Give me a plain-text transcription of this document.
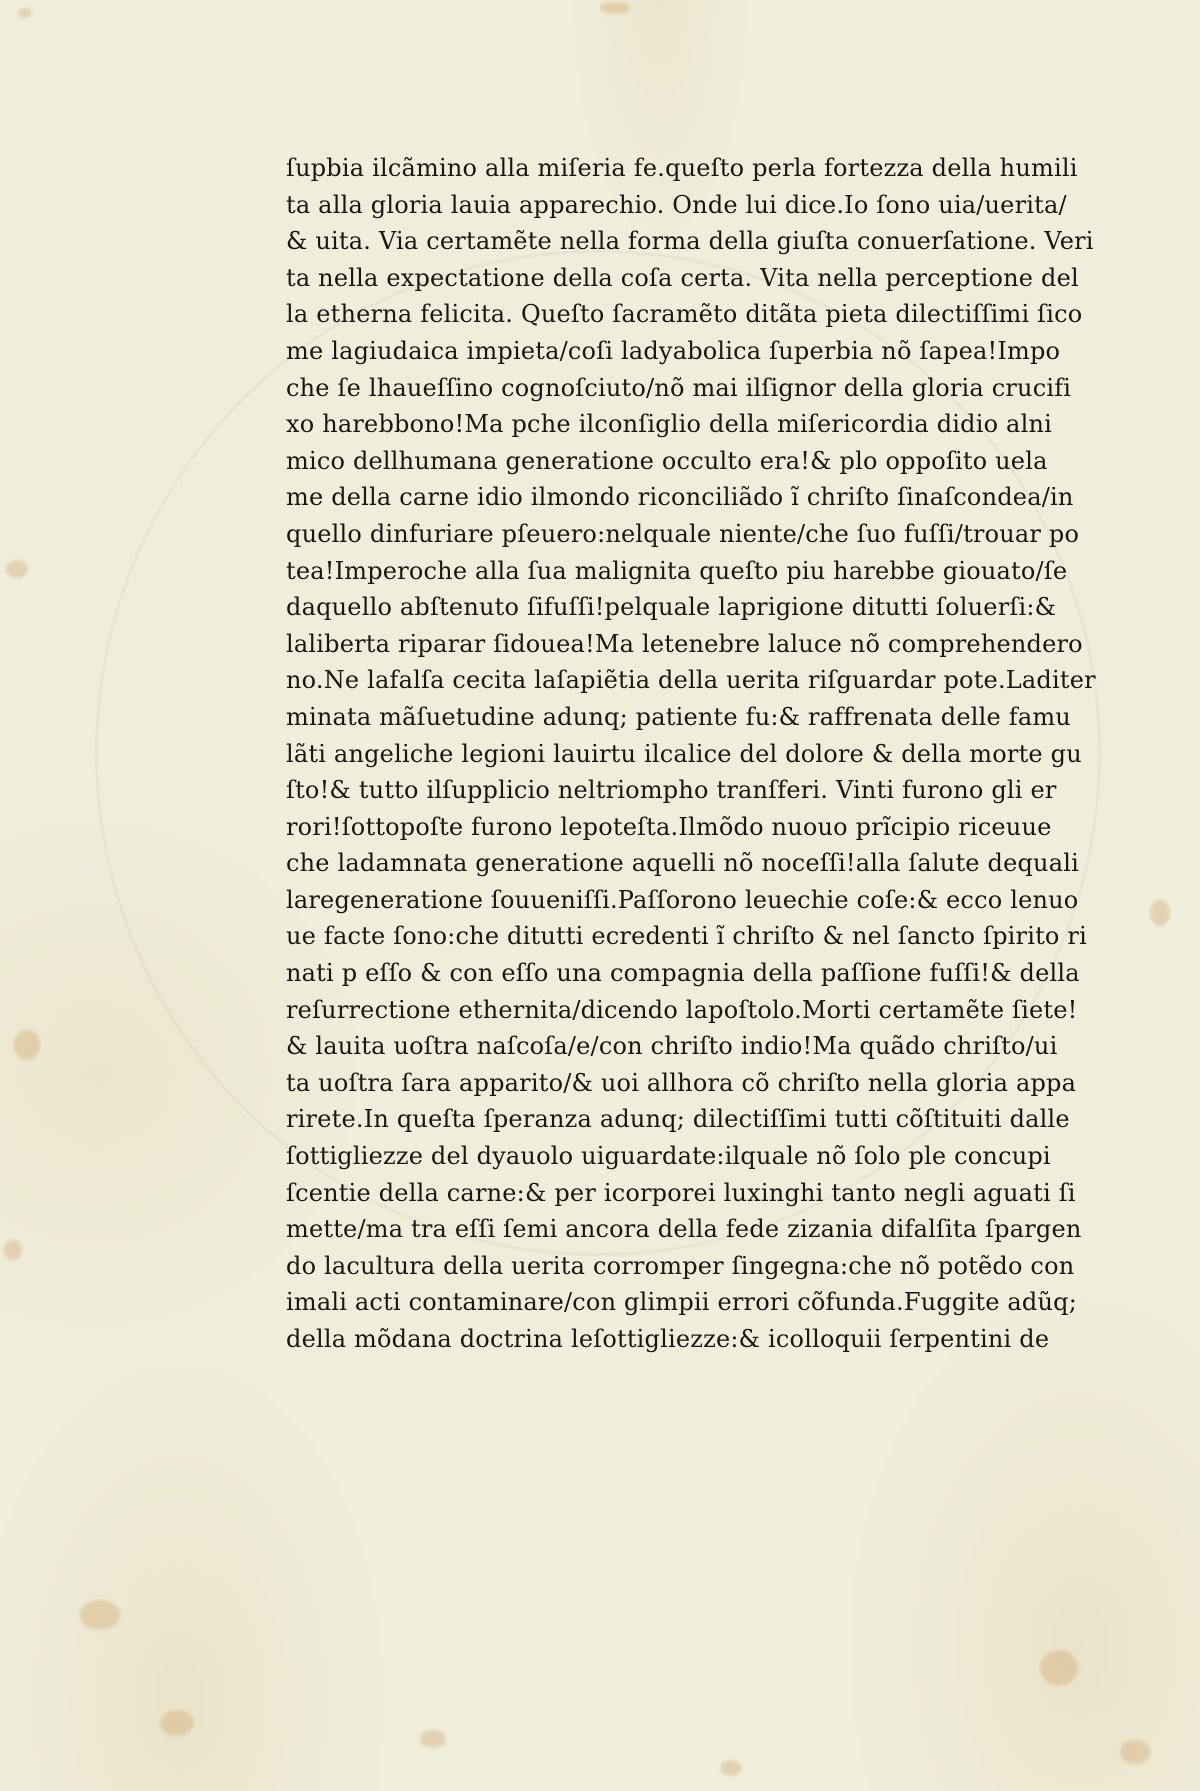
ſupbia ilcãmino alla miſeria fe.queſto perla fortezza della humili
ta alla gloria lauia apparechio. Onde lui dice.Io ſono uia/uerita/
& uita. Via certamẽte nella forma della giuſta conuerſatione. Veri
ta nella expectatione della coſa certa. Vita nella perceptione del
la etherna felicita. Queſto ſacramẽto ditãta pieta dilectiſſimi ſico
me lagiudaica impieta/coſi ladyabolica ſuperbia nõ ſapea!Impo
che ſe lhaueſſino cognoſciuto/nõ mai ilſignor della gloria crucifi
xo harebbono!Ma pche ilconſiglio della miſericordia didio alni
mico dellhumana generatione occulto era!& plo oppoſito uela
me della carne idio ilmondo riconciliãdo ĩ chriſto ſinaſcondea/in
quello dinfuriare pſeuero:nelquale niente/che ſuo fuſſi/trouar po
tea!Imperoche alla ſua malignita queſto piu harebbe giouato/ſe
daquello abſtenuto ſifuſſi!pelquale laprigione ditutti ſoluerſi:&
laliberta riparar ſidouea!Ma letenebre laluce nõ comprehendero
no.Ne lafalſa cecita laſapiẽtia della uerita riſguardar pote.Laditer
minata mãſuetudine adunq; patiente fu:& raffrenata delle famu
lãti angeliche legioni lauirtu ilcalice del dolore & della morte gu
ſto!& tutto ilſupplicio neltriompho tranſferi. Vinti furono gli er
rori!ſottopoſte furono lepoteſta.Ilmõdo nuouo prĩcipio riceuue
che ladamnata generatione aquelli nõ noceſſi!alla ſalute dequali
laregeneratione ſouueniſſi.Paſſorono leuechie coſe:& ecco lenuo
ue facte ſono:che ditutti ecredenti ĩ chriſto & nel ſancto ſpirito ri
nati p eſſo & con eſſo una compagnia della paſſione fuſſi!& della
reſurrectione ethernita/dicendo lapoſtolo.Morti certamẽte ſiete!
& lauita uoſtra naſcoſa/e/con chriſto indio!Ma quãdo chriſto/ui
ta uoſtra ſara apparito/& uoi allhora cõ chriſto nella gloria appa
rirete.In queſta ſperanza adunq; dilectiſſimi tutti cõſtituiti dalle
ſottigliezze del dyauolo uiguardate:ilquale nõ ſolo ple concupi
ſcentie della carne:& per icorporei luxinghi tanto negli aguati ſi
mette/ma tra eſſi ſemi ancora della fede zizania difalſita ſpargen
do lacultura della uerita corromper ſingegna:che nõ potẽdo con
imali acti contaminare/con glimpii errori cõfunda.Fuggite adũq;
della mõdana doctrina leſottigliezze:& icolloquii ſerpentini de
